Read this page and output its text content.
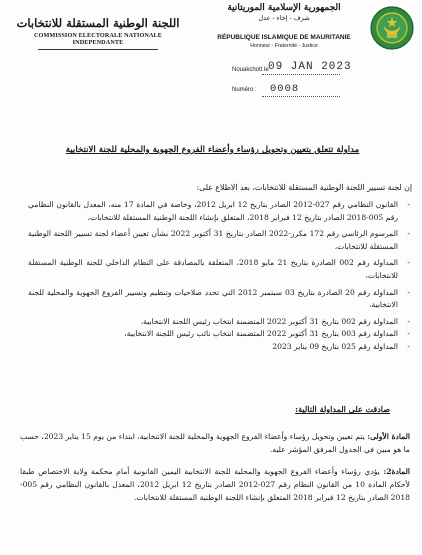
اللجنة الوطنية المستقلة للانتخابات
COMMISSION ELECTORALE NATIONALE INDEPENDANTE
الجمهورية الإسلامية الموريتانية
شرف - إخاء - عدل
RÉPUBLIQUE ISLAMIQUE DE MAURITANIE
Honneur - Fraternité - Justice
Nouakchott le 09 JAN 2023
Numéro : 0008
مداولة تتعلق بتعيين وتحويل رؤساء وأعضاء الفروع الجهوية والمحلية للجنة الانتخابية
إن لجنة تسيير اللجنة الوطنية المستقلة للانتخابات، بعد الاطلاع على:
- القانون النظامي رقم 027-2012 الصادر بتاريخ 12 ابريل 2012، وخاصة في المادة 17 منه، المعدل بالقانون النظامي رقم 005-2018 الصادر بتاريخ 12 فبراير 2018، المتعلق بإنشاء اللجنة الوطنية المستقلة للانتخابات،
- المرسوم الرئاسي رقم 172 مكرر-2022 الصادر بتاريخ 31 أكتوبر 2022 بشأن تعيين أعضاء لجنة تسيير اللجنة الوطنية المستقلة للانتخابات،
- المداولة رقم 002 الصادرة بتاريخ 21 مايو 2018، المتعلقة بالمصادقة على النظام الداخلي للجنة الوطنية المستقلة للانتخابات،
- المداولة رقم 20 الصادرة بتاريخ 03 سبتمبر 2012 التي تحدد صلاحيات وتنظيم وتسيير الفروع الجهوية والمحلية للجنة الانتخابية،
- المداولة رقم 002 بتاريخ 31 أكتوبر 2022 المتضمنة انتخاب رئيس اللجنة الانتخابية،
- المداولة رقم 003 بتاريخ 31 أكتوبر 2022 المتضمنة انتخاب نائب رئيس اللجنة الانتخابية،
- المداولة رقم 025 بتاريخ 09 يناير 2023
صادقت على المداولة التالية:
المادة الأولى: يتم تعيين وتحويل رؤساء وأعضاء الفروع الجهوية والمحلية للجنة الانتخابية، ابتداء من يوم 15 يناير 2023، حسب ما هو مبين في الجدول المرفق المؤشر عليه.
المادة2: يؤدي رؤساء وأعضاء الفروع الجهوية والمحلية للجنة الانتخابية اليمين القانونية أمام محكمة ولاية الاختصاص طبقا لأحكام المادة 10 من القانون النظام رقم 027-2012 الصادر بتاريخ 12 ابريل 2012، المعدل بالقانون النظامي رقم 005-2018 الصادر بتاريخ 12 فبراير 2018 المتعلق بإنشاء اللجنة الوطنية المستقلة للانتخابات.
